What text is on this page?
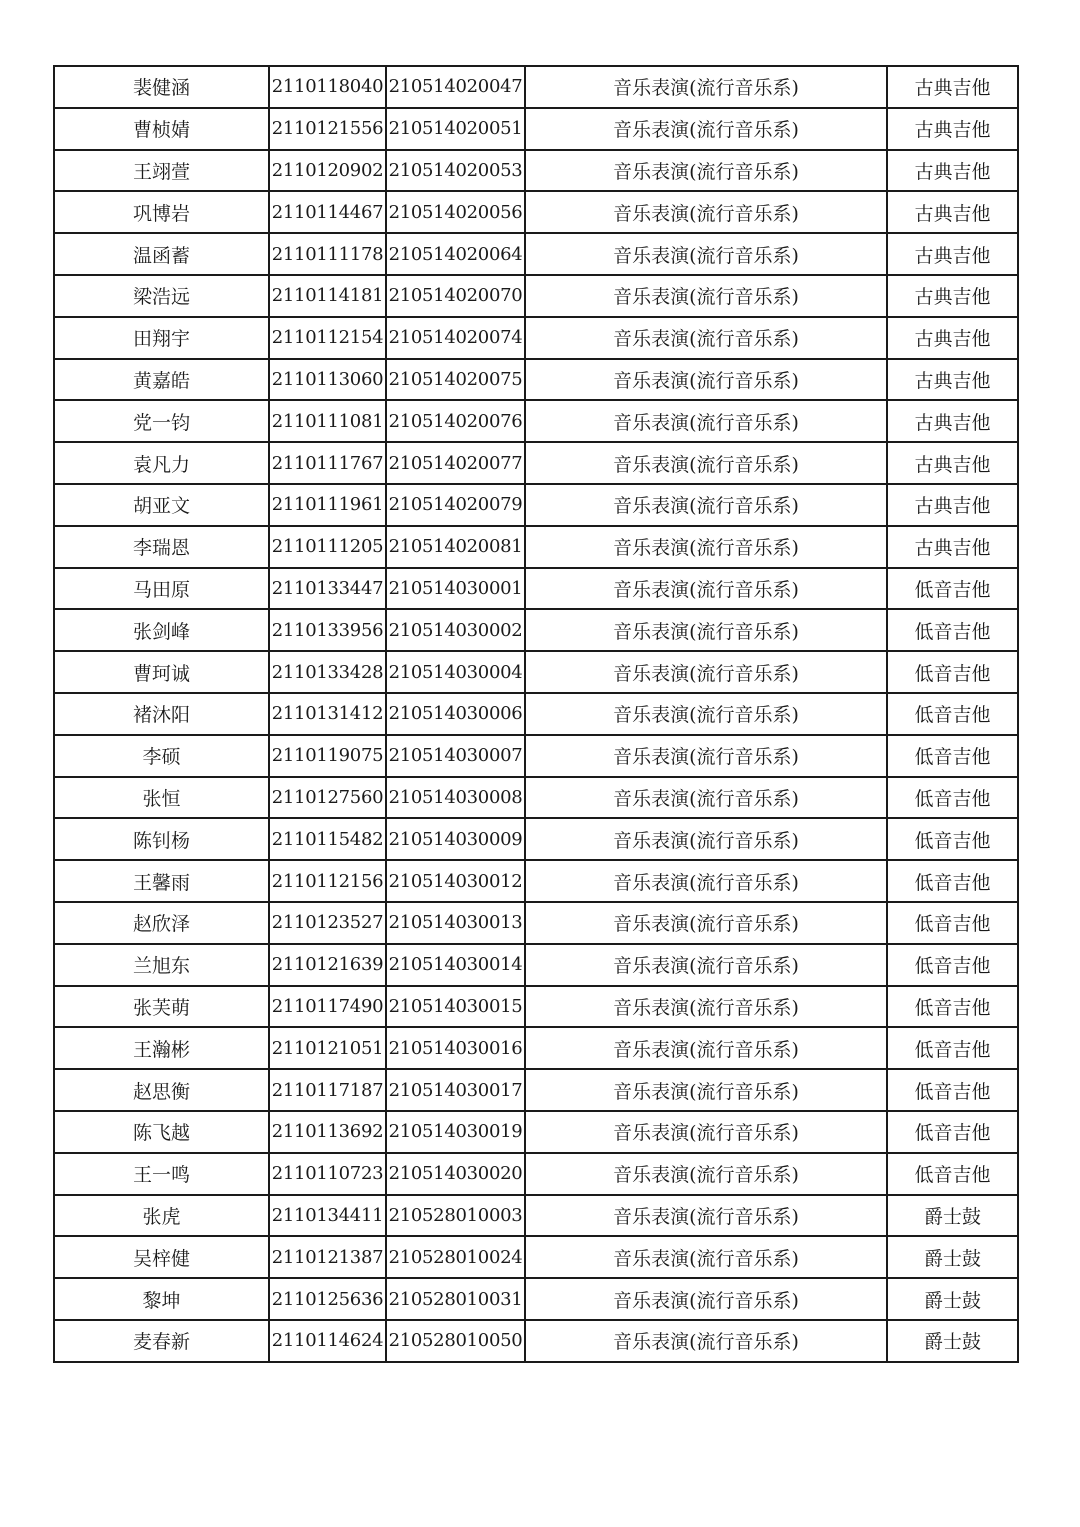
裴健涵	2110118040	210514020047	音乐表演(流行音乐系)	古典吉他
曹桢婧	2110121556	210514020051	音乐表演(流行音乐系)	古典吉他
王翊萱	2110120902	210514020053	音乐表演(流行音乐系)	古典吉他
巩博岩	2110114467	210514020056	音乐表演(流行音乐系)	古典吉他
温函蓄	2110111178	210514020064	音乐表演(流行音乐系)	古典吉他
梁浩远	2110114181	210514020070	音乐表演(流行音乐系)	古典吉他
田翔宇	2110112154	210514020074	音乐表演(流行音乐系)	古典吉他
黄嘉皓	2110113060	210514020075	音乐表演(流行音乐系)	古典吉他
党一钧	2110111081	210514020076	音乐表演(流行音乐系)	古典吉他
袁凡力	2110111767	210514020077	音乐表演(流行音乐系)	古典吉他
胡亚文	2110111961	210514020079	音乐表演(流行音乐系)	古典吉他
李瑞恩	2110111205	210514020081	音乐表演(流行音乐系)	古典吉他
马田原	2110133447	210514030001	音乐表演(流行音乐系)	低音吉他
张剑峰	2110133956	210514030002	音乐表演(流行音乐系)	低音吉他
曹珂诚	2110133428	210514030004	音乐表演(流行音乐系)	低音吉他
褚沐阳	2110131412	210514030006	音乐表演(流行音乐系)	低音吉他
李硕	2110119075	210514030007	音乐表演(流行音乐系)	低音吉他
张恒	2110127560	210514030008	音乐表演(流行音乐系)	低音吉他
陈钊杨	2110115482	210514030009	音乐表演(流行音乐系)	低音吉他
王馨雨	2110112156	210514030012	音乐表演(流行音乐系)	低音吉他
赵欣泽	2110123527	210514030013	音乐表演(流行音乐系)	低音吉他
兰旭东	2110121639	210514030014	音乐表演(流行音乐系)	低音吉他
张芙萌	2110117490	210514030015	音乐表演(流行音乐系)	低音吉他
王瀚彬	2110121051	210514030016	音乐表演(流行音乐系)	低音吉他
赵思衡	2110117187	210514030017	音乐表演(流行音乐系)	低音吉他
陈飞越	2110113692	210514030019	音乐表演(流行音乐系)	低音吉他
王一鸣	2110110723	210514030020	音乐表演(流行音乐系)	低音吉他
张虎	2110134411	210528010003	音乐表演(流行音乐系)	爵士鼓
吴梓健	2110121387	210528010024	音乐表演(流行音乐系)	爵士鼓
黎坤	2110125636	210528010031	音乐表演(流行音乐系)	爵士鼓
麦春新	2110114624	210528010050	音乐表演(流行音乐系)	爵士鼓
